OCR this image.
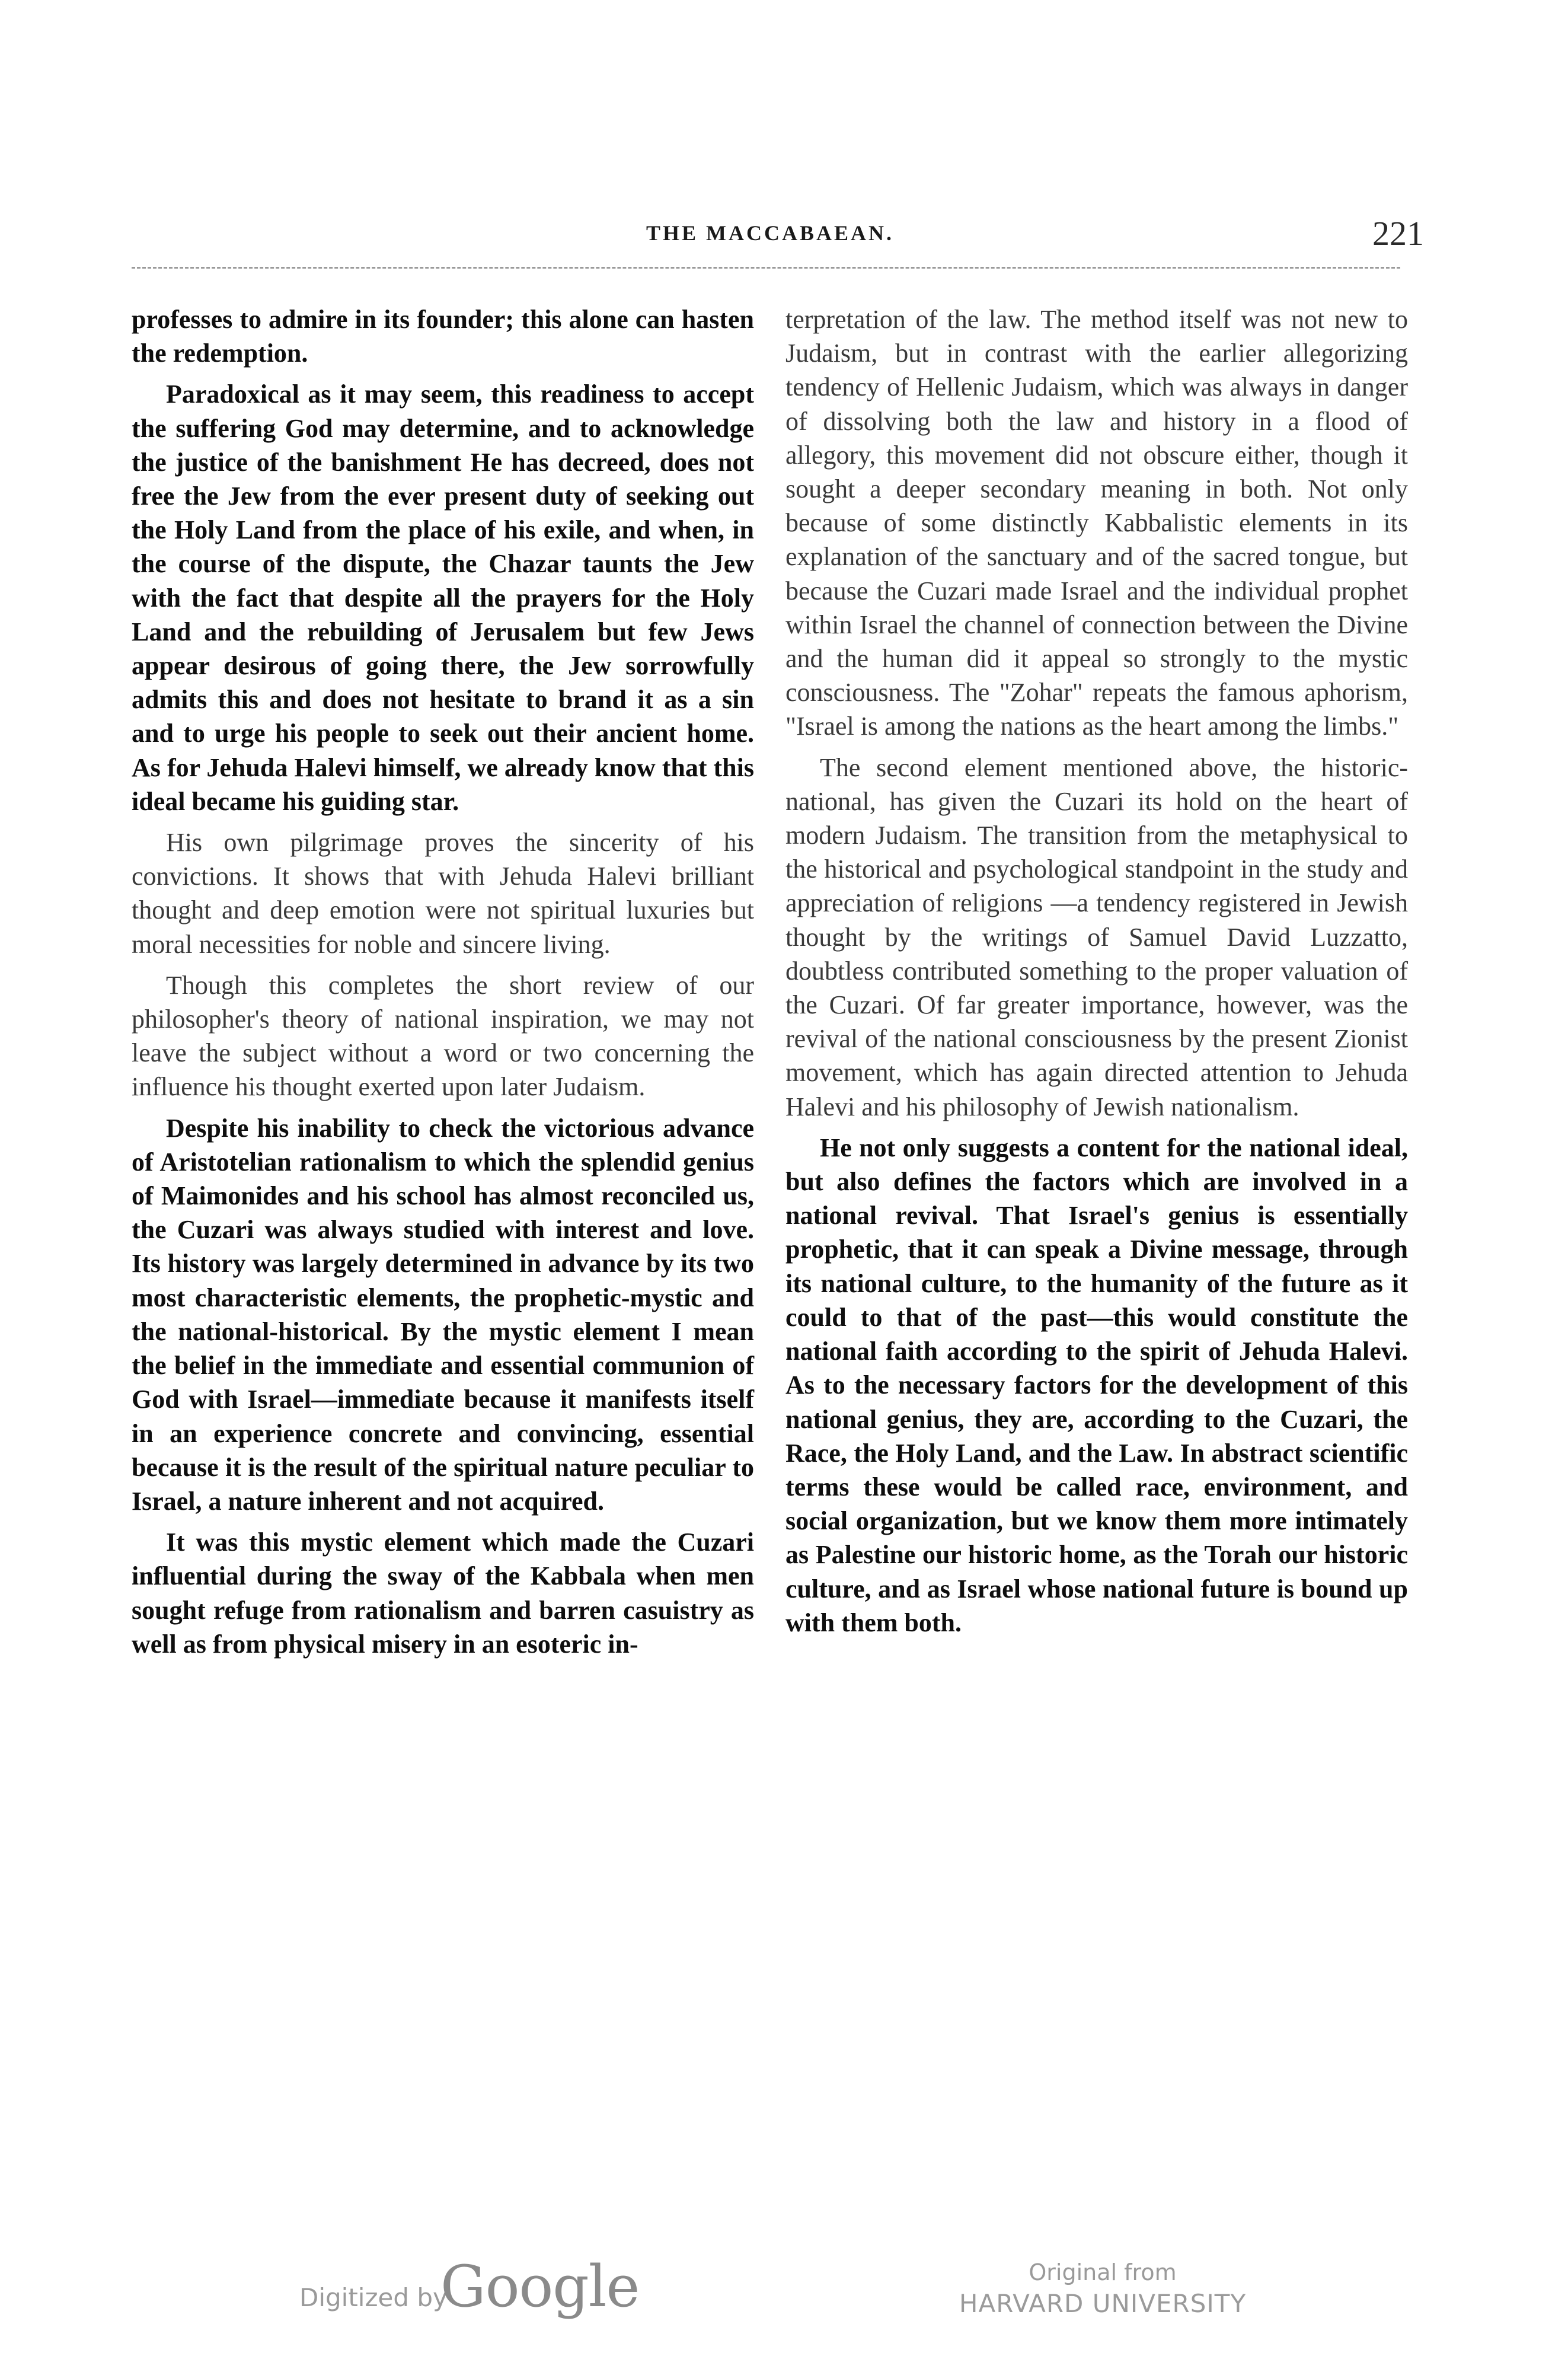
THE MACCABAEAN.	221

professes to admire in its founder; this alone can hasten the redemption.

Paradoxical as it may seem, this readiness to accept the suffering God may determine, and to acknowledge the justice of the banishment He has decreed, does not free the Jew from the ever present duty of seeking out the Holy Land from the place of his exile, and when, in the course of the dispute, the Chazar taunts the Jew with the fact that despite all the prayers for the Holy Land and the rebuilding of Jerusalem but few Jews appear desirous of going there, the Jew sorrowfully admits this and does not hesitate to brand it as a sin and to urge his people to seek out their ancient home. As for Jehuda Halevi himself, we already know that this ideal became his guiding star.

His own pilgrimage proves the sincerity of his convictions. It shows that with Jehuda Halevi brilliant thought and deep emotion were not spiritual luxuries but moral necessities for noble and sincere living.

Though this completes the short review of our philosopher's theory of national inspiration, we may not leave the subject without a word or two concerning the influence his thought exerted upon later Judaism.

Despite his inability to check the victorious advance of Aristotelian rationalism to which the splendid genius of Maimonides and his school has almost reconciled us, the Cuzari was always studied with interest and love. Its history was largely determined in advance by its two most characteristic elements, the prophetic-mystic and the national-historical. By the mystic element I mean the belief in the immediate and essential communion of God with Israel—immediate because it manifests itself in an experience concrete and convincing, essential because it is the result of the spiritual nature peculiar to Israel, a nature inherent and not acquired.

It was this mystic element which made the Cuzari influential during the sway of the Kabbala when men sought refuge from rationalism and barren casuistry as well as from physical misery in an esoteric in-

terpretation of the law. The method itself was not new to Judaism, but in contrast with the earlier allegorizing tendency of Hellenic Judaism, which was always in danger of dissolving both the law and history in a flood of allegory, this movement did not obscure either, though it sought a deeper secondary meaning in both. Not only because of some distinctly Kabbalistic elements in its explanation of the sanctuary and of the sacred tongue, but because the Cuzari made Israel and the individual prophet within Israel the channel of connection between the Divine and the human did it appeal so strongly to the mystic consciousness. The "Zohar" repeats the famous aphorism, "Israel is among the nations as the heart among the limbs."

The second element mentioned above, the historic-national, has given the Cuzari its hold on the heart of modern Judaism. The transition from the metaphysical to the historical and psychological standpoint in the study and appreciation of religions —a tendency registered in Jewish thought by the writings of Samuel David Luzzatto, doubtless contributed something to the proper valuation of the Cuzari. Of far greater importance, however, was the revival of the national consciousness by the present Zionist movement, which has again directed attention to Jehuda Halevi and his philosophy of Jewish nationalism.

He not only suggests a content for the national ideal, but also defines the factors which are involved in a national revival. That Israel's genius is essentially prophetic, that it can speak a Divine message, through its national culture, to the humanity of the future as it could to that of the past—this would constitute the national faith according to the spirit of Jehuda Halevi. As to the necessary factors for the development of this national genius, they are, according to the Cuzari, the Race, the Holy Land, and the Law. In abstract scientific terms these would be called race, environment, and social organization, but we know them more intimately as Palestine our historic home, as the Torah our historic culture, and as Israel whose national future is bound up with them both.

Digitized by
Google	Original from
HARVARD UNIVERSITY
